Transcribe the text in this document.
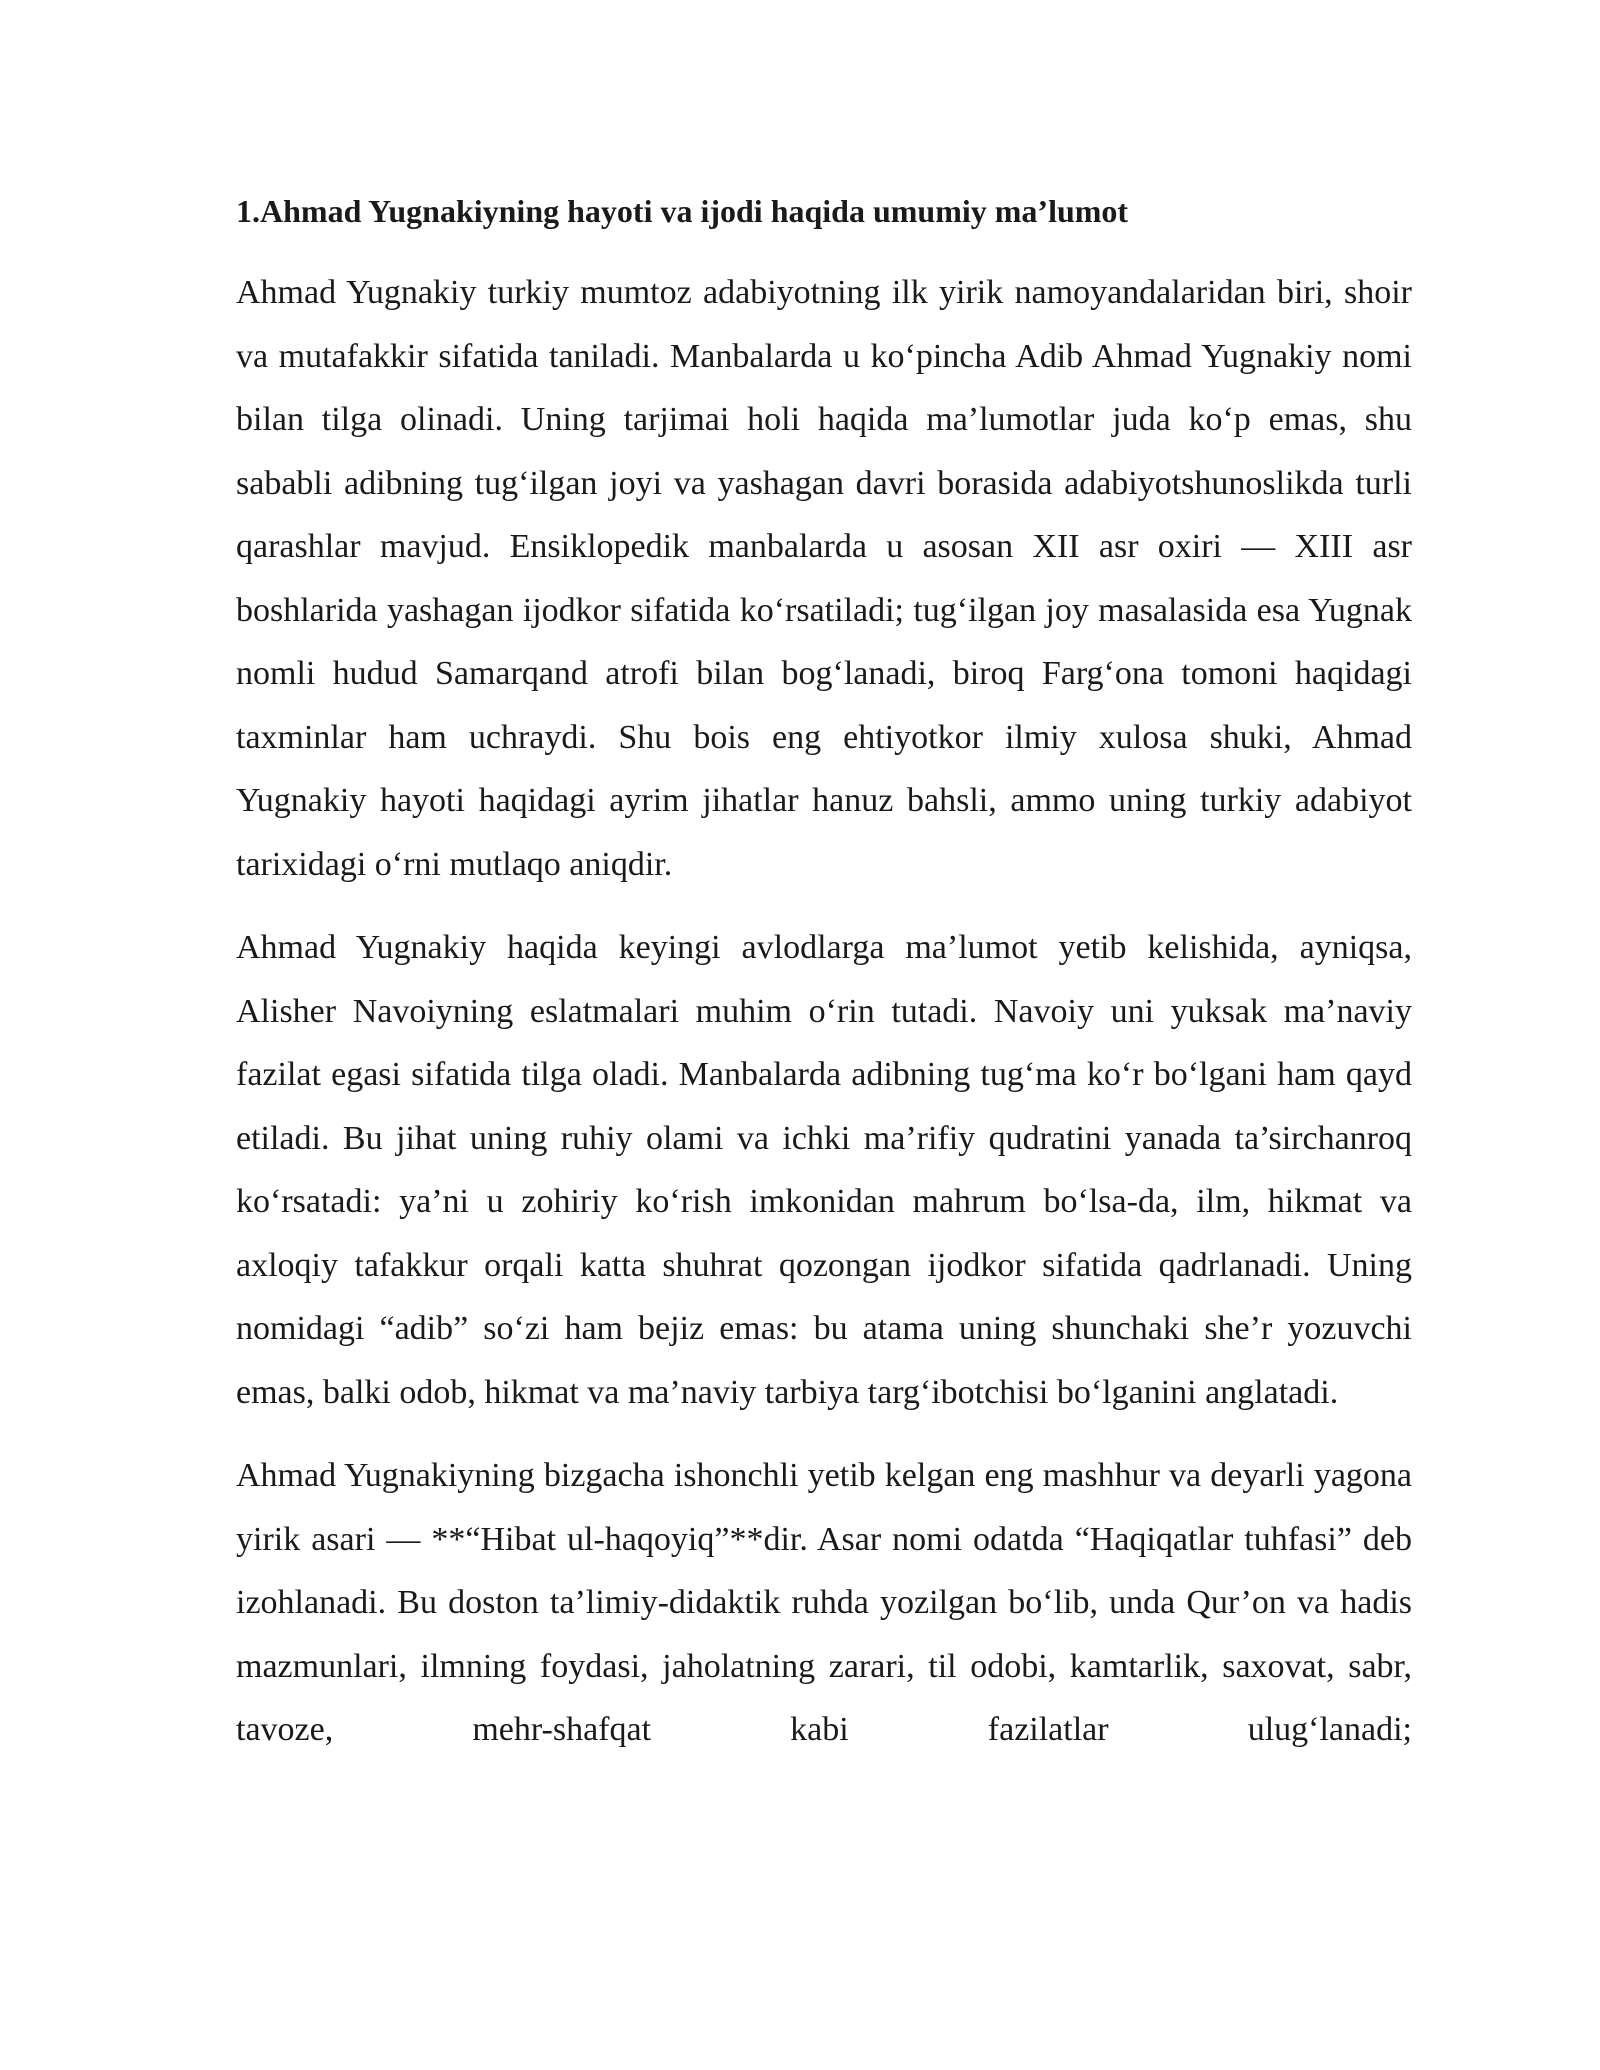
1.Ahmad Yugnakiyning hayoti va ijodi haqida umumiy ma’lumot

Ahmad Yugnakiy turkiy mumtoz adabiyotning ilk yirik namoyandalaridan biri, shoir va mutafakkir sifatida taniladi. Manbalarda u ko‘pincha Adib Ahmad Yugnakiy nomi bilan tilga olinadi. Uning tarjimai holi haqida ma’lumotlar juda ko‘p emas, shu sababli adibning tug‘ilgan joyi va yashagan davri borasida adabiyotshunoslikda turli qarashlar mavjud. Ensiklopedik manbalarda u asosan XII asr oxiri — XIII asr boshlarida yashagan ijodkor sifatida ko‘rsatiladi; tug‘ilgan joy masalasida esa Yugnak nomli hudud Samarqand atrofi bilan bog‘lanadi, biroq Farg‘ona tomoni haqidagi taxminlar ham uchraydi. Shu bois eng ehtiyotkor ilmiy xulosa shuki, Ahmad Yugnakiy hayoti haqidagi ayrim jihatlar hanuz bahsli, ammo uning turkiy adabiyot tarixidagi o‘rni mutlaqo aniqdir.

Ahmad Yugnakiy haqida keyingi avlodlarga ma’lumot yetib kelishida, ayniqsa, Alisher Navoiyning eslatmalari muhim o‘rin tutadi. Navoiy uni yuksak ma’naviy fazilat egasi sifatida tilga oladi. Manbalarda adibning tug‘ma ko‘r bo‘lgani ham qayd etiladi. Bu jihat uning ruhiy olami va ichki ma’rifiy qudratini yanada ta’sirchanroq ko‘rsatadi: ya’ni u zohiriy ko‘rish imkonidan mahrum bo‘lsa-da, ilm, hikmat va axloqiy tafakkur orqali katta shuhrat qozongan ijodkor sifatida qadrlanadi. Uning nomidagi “adib” so‘zi ham bejiz emas: bu atama uning shunchaki she’r yozuvchi emas, balki odob, hikmat va ma’naviy tarbiya targ‘ibotchisi bo‘lganini anglatadi.

Ahmad Yugnakiyning bizgacha ishonchli yetib kelgan eng mashhur va deyarli yagona yirik asari — **“Hibat ul-haqoyiq”**dir. Asar nomi odatda “Haqiqatlar tuhfasi” deb izohlanadi. Bu doston ta’limiy-didaktik ruhda yozilgan bo‘lib, unda Qur’on va hadis mazmunlari, ilmning foydasi, jaholatning zarari, til odobi, kamtarlik, saxovat, sabr, tavoze, mehr-shafqat kabi fazilatlar ulug‘lanadi;
